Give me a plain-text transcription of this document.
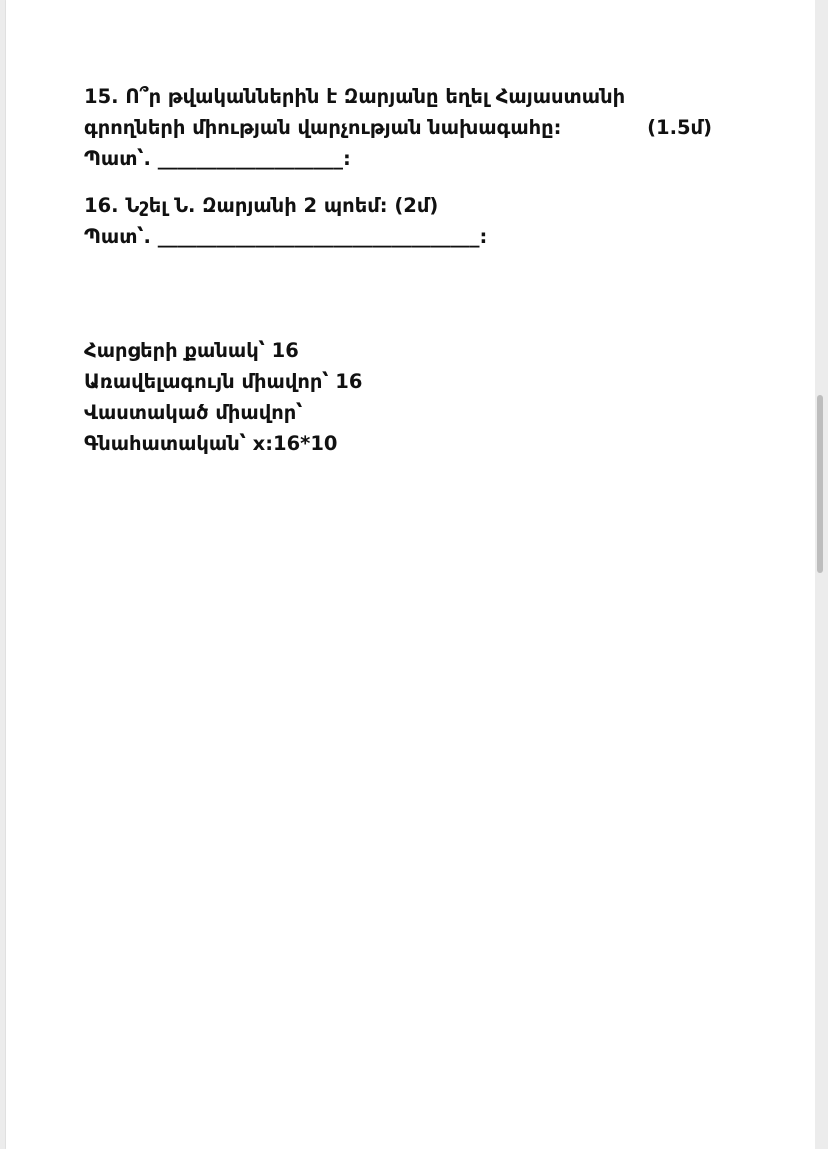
15. Ո՞ր թվականներին է Զարյանը եղել Հայաստանի
գրողների միության վարչության նախագահը:	(1.5մ)
Պատ՝. ___________________:
16. Նշել Ն. Զարյանի 2 պոեմ: (2մ)
Պատ՝. _________________________________:
Հարցերի քանակ՝ 16
Առավելագույն միավոր՝ 16
Վաստակած միավոր՝
Գնահատական՝ x:16*10
